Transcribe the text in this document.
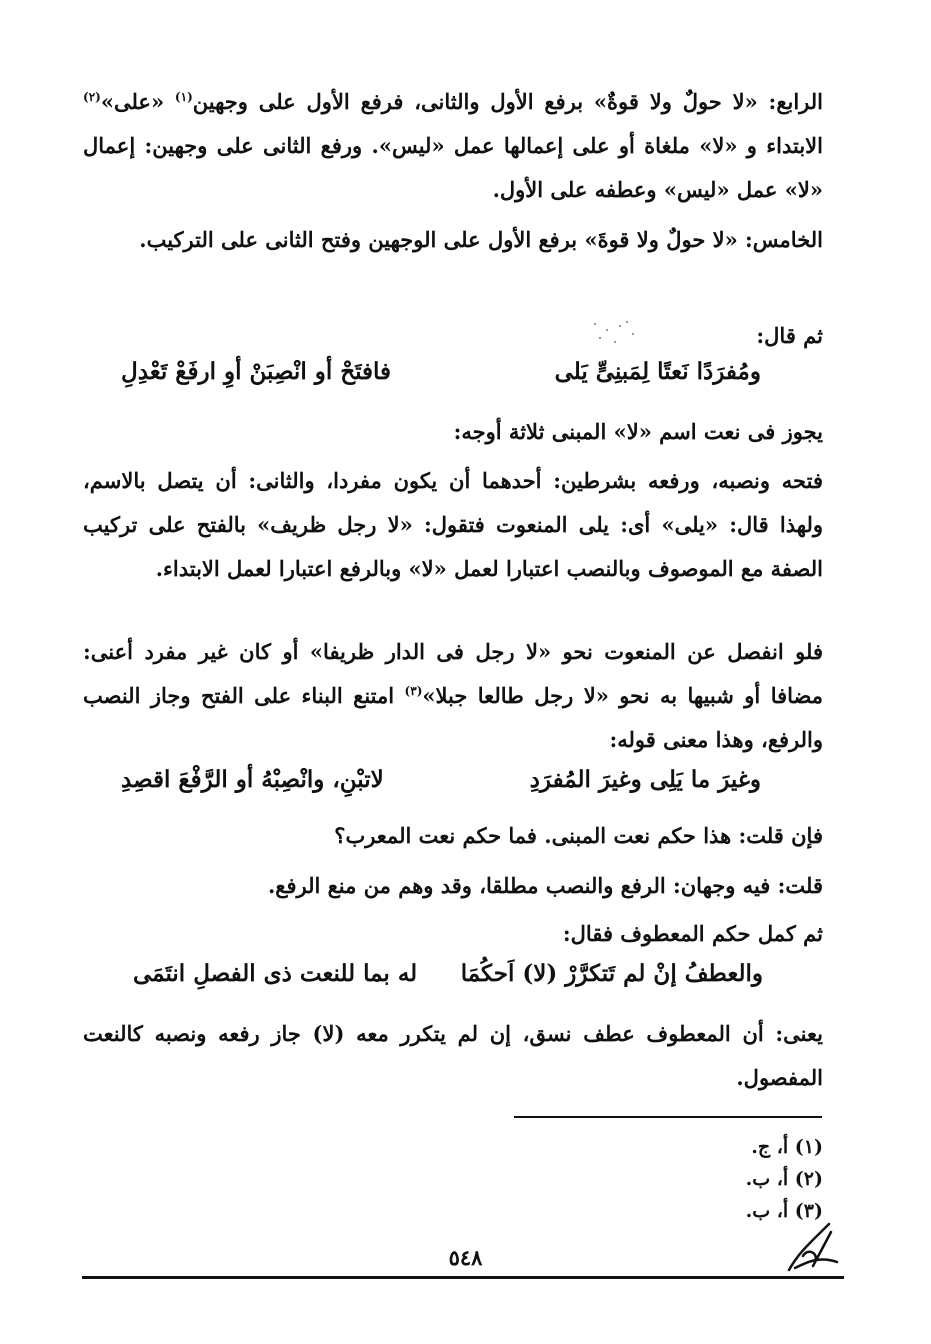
الرابع: «لا حولٌ ولا قوةٌ» برفع الأول والثانى، فرفع الأول على وجهين$^{(١)}$ «على»$^{(٢)}$ الابتداء و «لا» ملغاة أو على إعمالها عمل «ليس». ورفع الثانى على وجهين: إعمال «لا» عمل «ليس» وعطفه على الأول.

الخامس: «لا حولٌ ولا قوةَ» برفع الأول على الوجهين وفتح الثانى على التركيب.

ثم قال:

ومُفرَدًا نَعتًا لِمَبنِىٍّ يَلى
فافتَحْ أو انْصِبَنْ أوِ ارفَعْ تَعْدِلِ

يجوز فى نعت اسم «لا» المبنى ثلاثة أوجه:

فتحه ونصبه، ورفعه بشرطين: أحدهما أن يكون مفردا، والثانى: أن يتصل بالاسم، ولهذا قال: «يلى» أى: يلى المنعوت فتقول: «لا رجل ظريف» بالفتح على تركيب الصفة مع الموصوف وبالنصب اعتبارا لعمل «لا» وبالرفع اعتبارا لعمل الابتداء.

فلو انفصل عن المنعوت نحو «لا رجل فى الدار ظريفا» أو كان غير مفرد أعنى: مضافا أو شبيها به نحو «لا رجل طالعا جبلا»$^{(٣)}$ امتنع البناء على الفتح وجاز النصب والرفع، وهذا معنى قوله:

وغيرَ ما يَلِى وغيرَ المُفرَدِ
لاتبْنِ، وانْصِبْهُ أو الرَّفْعَ اقصِدِ

فإن قلت: هذا حكم نعت المبنى. فما حكم نعت المعرب؟

قلت: فيه وجهان: الرفع والنصب مطلقا، وقد وهم من منع الرفع.

ثم كمل حكم المعطوف فقال:

والعطفُ إنْ لم تَتكرَّرْ (لا) اَحكُمَا
له بما للنعت ذى الفصلِ انتَمَى

يعنى: أن المعطوف عطف نسق، إن لم يتكرر معه (لا) جاز رفعه ونصبه كالنعت المفصول.

(١) أ، ج.

(٢) أ، ب.

(٣) أ، ب.

٥٤٨
